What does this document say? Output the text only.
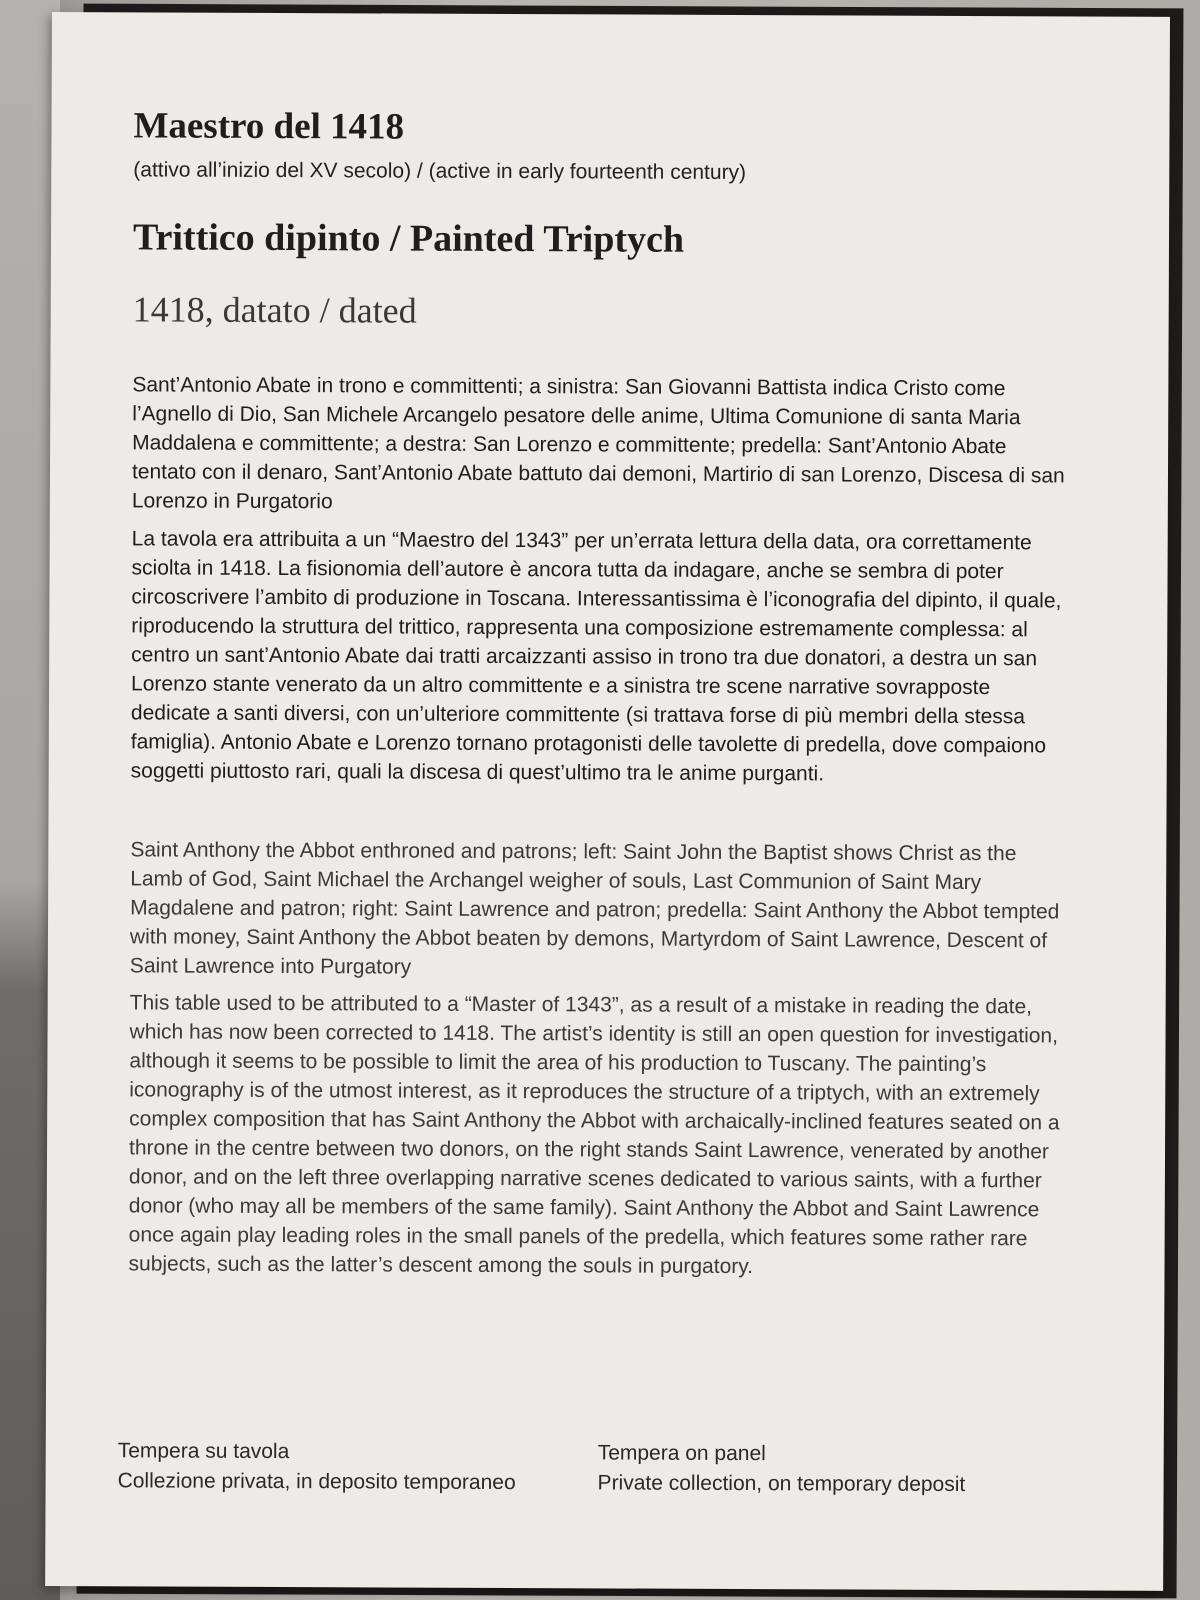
Maestro del 1418

(attivo all’inizio del XV secolo) / (active in early fourteenth century)

Trittico dipinto / Painted Triptych

1418, datato / dated

Sant’Antonio Abate in trono e committenti; a sinistra: San Giovanni Battista indica Cristo come l’Agnello di Dio, San Michele Arcangelo pesatore delle anime, Ultima Comunione di santa Maria Maddalena e committente; a destra: San Lorenzo e committente; predella: Sant’Antonio Abate tentato con il denaro, Sant’Antonio Abate battuto dai demoni, Martirio di san Lorenzo, Discesa di san Lorenzo in Purgatorio

La tavola era attribuita a un “Maestro del 1343” per un’errata lettura della data, ora correttamente sciolta in 1418. La fisionomia dell’autore è ancora tutta da indagare, anche se sembra di poter circoscrivere l’ambito di produzione in Toscana. Interessantissima è l’iconografia del dipinto, il quale, riproducendo la struttura del trittico, rappresenta una composizione estremamente complessa: al centro un sant’Antonio Abate dai tratti arcaizzanti assiso in trono tra due donatori, a destra un san Lorenzo stante venerato da un altro committente e a sinistra tre scene narrative sovrapposte dedicate a santi diversi, con un’ulteriore committente (si trattava forse di più membri della stessa famiglia). Antonio Abate e Lorenzo tornano protagonisti delle tavolette di predella, dove compaiono soggetti piuttosto rari, quali la discesa di quest’ultimo tra le anime purganti.

Saint Anthony the Abbot enthroned and patrons; left: Saint John the Baptist shows Christ as the Lamb of God, Saint Michael the Archangel weigher of souls, Last Communion of Saint Mary Magdalene and patron; right: Saint Lawrence and patron; predella: Saint Anthony the Abbot tempted with money, Saint Anthony the Abbot beaten by demons, Martyrdom of Saint Lawrence, Descent of Saint Lawrence into Purgatory

This table used to be attributed to a “Master of 1343”, as a result of a mistake in reading the date, which has now been corrected to 1418. The artist’s identity is still an open question for investigation, although it seems to be possible to limit the area of his production to Tuscany. The painting’s iconography is of the utmost interest, as it reproduces the structure of a triptych, with an extremely complex composition that has Saint Anthony the Abbot with archaically-inclined features seated on a throne in the centre between two donors, on the right stands Saint Lawrence, venerated by another donor, and on the left three overlapping narrative scenes dedicated to various saints, with a further donor (who may all be members of the same family). Saint Anthony the Abbot and Saint Lawrence once again play leading roles in the small panels of the predella, which features some rather rare subjects, such as the latter’s descent among the souls in purgatory.

Tempera su tavola
Collezione privata, in deposito temporaneo
Tempera on panel
Private collection, on temporary deposit
